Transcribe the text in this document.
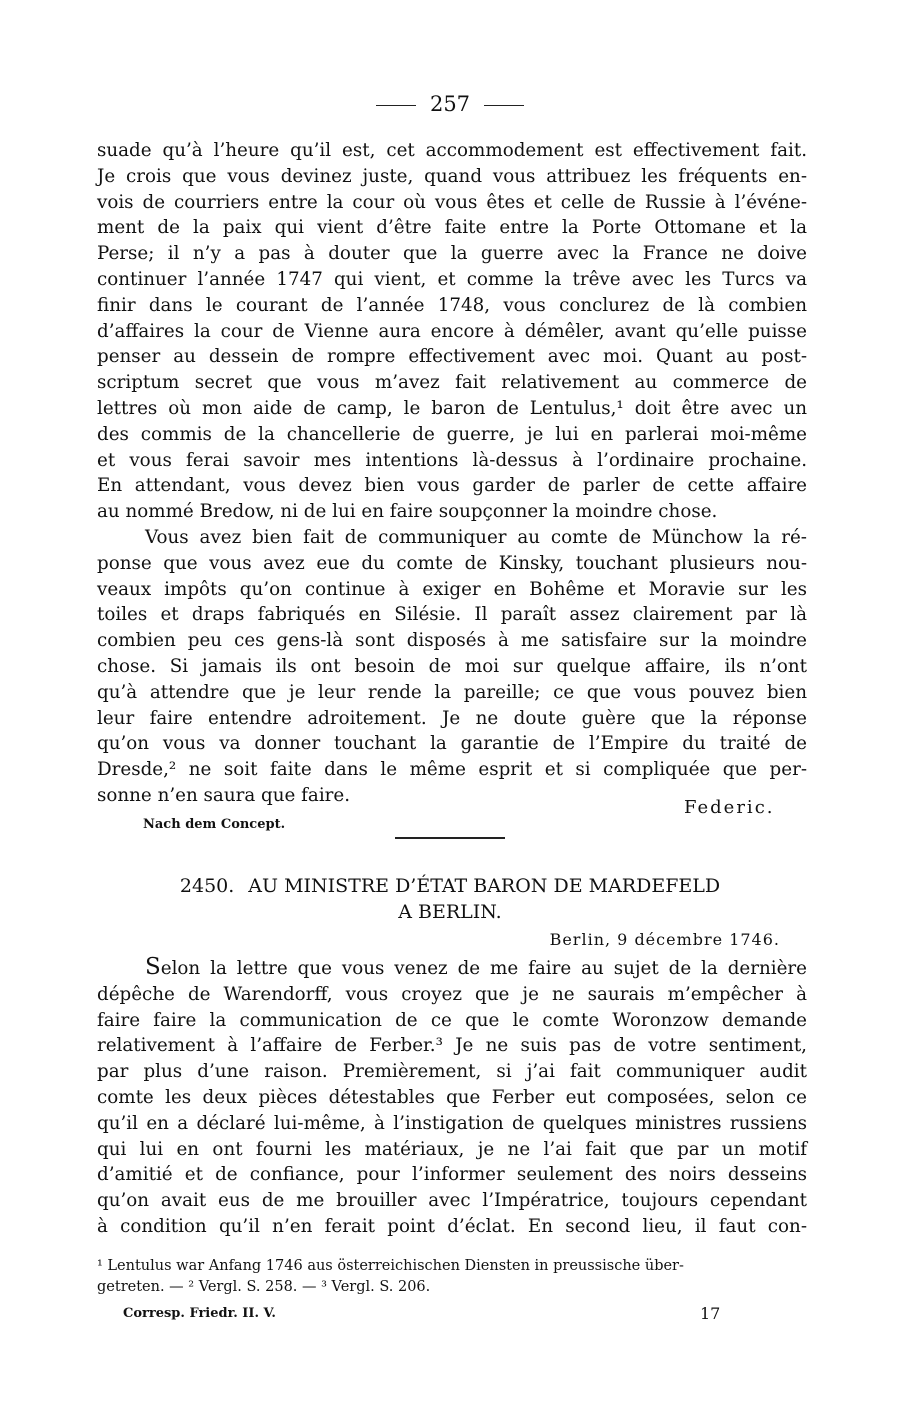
257
suade qu’à l’heure qu’il est, cet accommodement est effectivement fait.
Je crois que vous devinez juste, quand vous attribuez les fréquents en-
vois de courriers entre la cour où vous êtes et celle de Russie à l’événe-
ment de la paix qui vient d’être faite entre la Porte Ottomane et la
Perse; il n’y a pas à douter que la guerre avec la France ne doive
continuer l’année 1747 qui vient, et comme la trêve avec les Turcs va
finir dans le courant de l’année 1748, vous conclurez de là combien
d’affaires la cour de Vienne aura encore à démêler, avant qu’elle puisse
penser au dessein de rompre effectivement avec moi. Quant au post-
scriptum secret que vous m’avez fait relativement au commerce de
lettres où mon aide de camp, le baron de Lentulus,¹ doit être avec un
des commis de la chancellerie de guerre, je lui en parlerai moi-même
et vous ferai savoir mes intentions là-dessus à l’ordinaire prochaine.
En attendant, vous devez bien vous garder de parler de cette affaire
au nommé Bredow, ni de lui en faire soupçonner la moindre chose.
Vous avez bien fait de communiquer au comte de Münchow la ré-
ponse que vous avez eue du comte de Kinsky, touchant plusieurs nou-
veaux impôts qu’on continue à exiger en Bohême et Moravie sur les
toiles et draps fabriqués en Silésie. Il paraît assez clairement par là
combien peu ces gens-là sont disposés à me satisfaire sur la moindre
chose. Si jamais ils ont besoin de moi sur quelque affaire, ils n’ont
qu’à attendre que je leur rende la pareille; ce que vous pouvez bien
leur faire entendre adroitement. Je ne doute guère que la réponse
qu’on vous va donner touchant la garantie de l’Empire du traité de
Dresde,² ne soit faite dans le même esprit et si compliquée que per-
sonne n’en saura que faire.
Federic.
Nach dem Concept.
2450. AU MINISTRE D’ÉTAT BARON DE MARDEFELD
A BERLIN.
Berlin, 9 décembre 1746.
Selon la lettre que vous venez de me faire au sujet de la dernière
dépêche de Warendorff, vous croyez que je ne saurais m’empêcher à
faire faire la communication de ce que le comte Woronzow demande
relativement à l’affaire de Ferber.³ Je ne suis pas de votre sentiment,
par plus d’une raison. Premièrement, si j’ai fait communiquer audit
comte les deux pièces détestables que Ferber eut composées, selon ce
qu’il en a déclaré lui-même, à l’instigation de quelques ministres russiens
qui lui en ont fourni les matériaux, je ne l’ai fait que par un motif
d’amitié et de confiance, pour l’informer seulement des noirs desseins
qu’on avait eus de me brouiller avec l’Impératrice, toujours cependant
à condition qu’il n’en ferait point d’éclat. En second lieu, il faut con-
¹ Lentulus war Anfang 1746 aus österreichischen Diensten in preussische über-
getreten. — ² Vergl. S. 258. — ³ Vergl. S. 206.
Corresp. Friedr. II. V.	17
